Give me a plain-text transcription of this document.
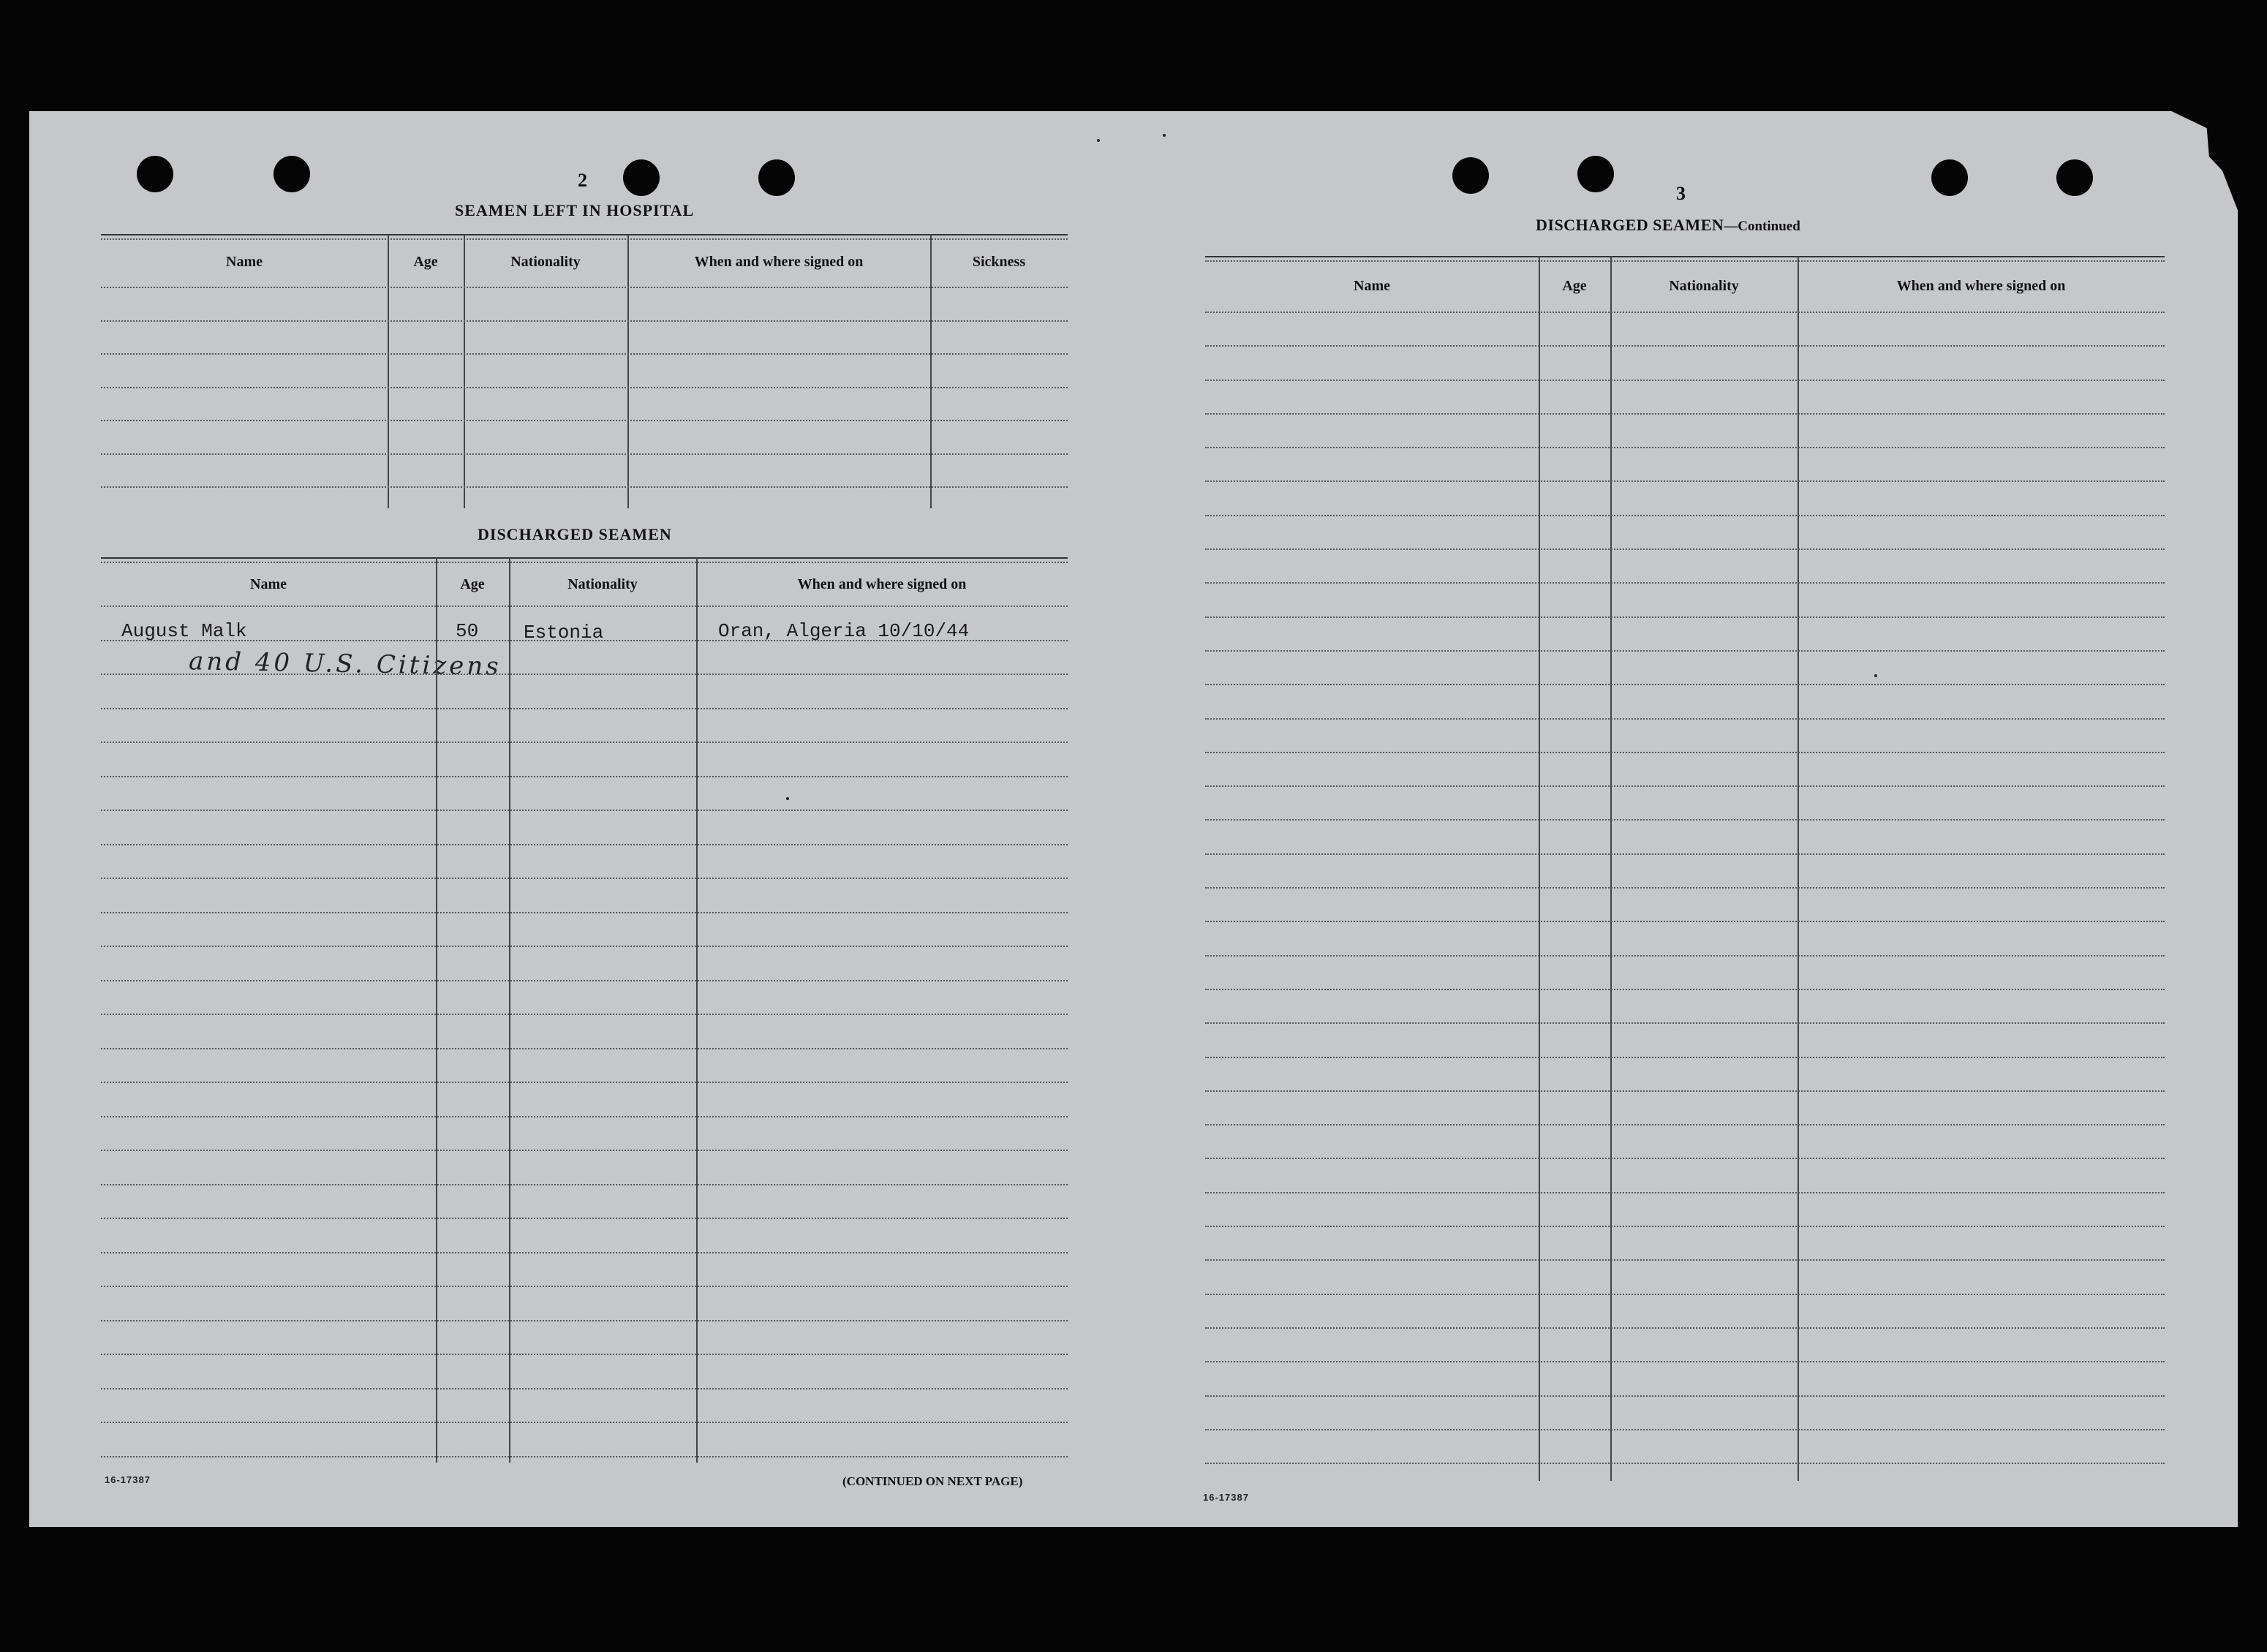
2
SEAMEN LEFT IN HOSPITAL
DISCHARGED SEAMEN
August Malk	50 Estonia	Oran, Algeria 10/10/44
and 40 U.S. Citizens
16-17387	(CONTINUED ON NEXT PAGE)
3
DISCHARGED SEAMEN—Continued
16-17387
Name	Age	Nationality	When and where signed on	Sickness
Name	Age	Nationality	When and where signed on
Name	Age	Nationality	When and where signed on
